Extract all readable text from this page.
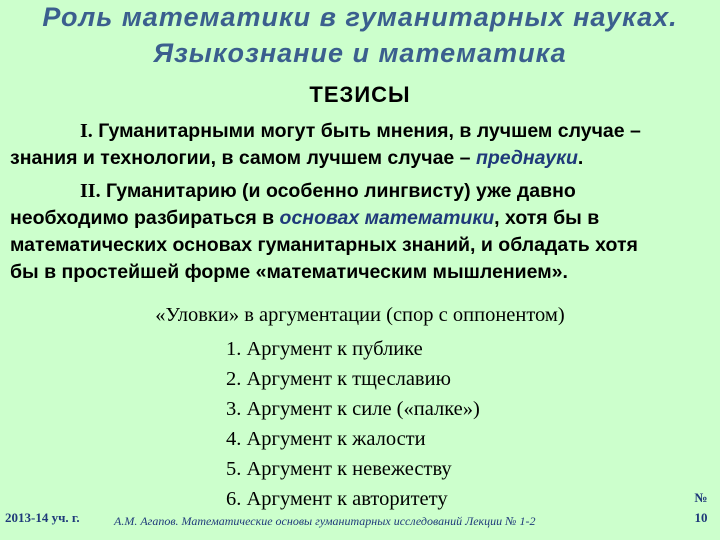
Роль математики в гуманитарных науках.
Языкознание и математика
ТЕЗИСЫ
I. Гуманитарными могут быть мнения, в лучшем случае –
знания и технологии, в самом лучшем случае – преднауки.
II. Гуманитарию (и особенно лингвисту) уже давно
необходимо разбираться в основах математики, хотя бы в
математических основах гуманитарных знаний, и обладать хотя
бы в простейшей форме «математическим мышлением».
«Уловки» в аргументации (спор с оппонентом)
1. Аргумент к публике
2. Аргумент к тщеславию
3. Аргумент к силе («палке»)
4. Аргумент к жалости
5. Аргумент к невежеству
6. Аргумент к авторитету
2013-14 уч. г.	А.М. Агапов. Математические основы гуманитарных исследований Лекции № 1-2
№
10
